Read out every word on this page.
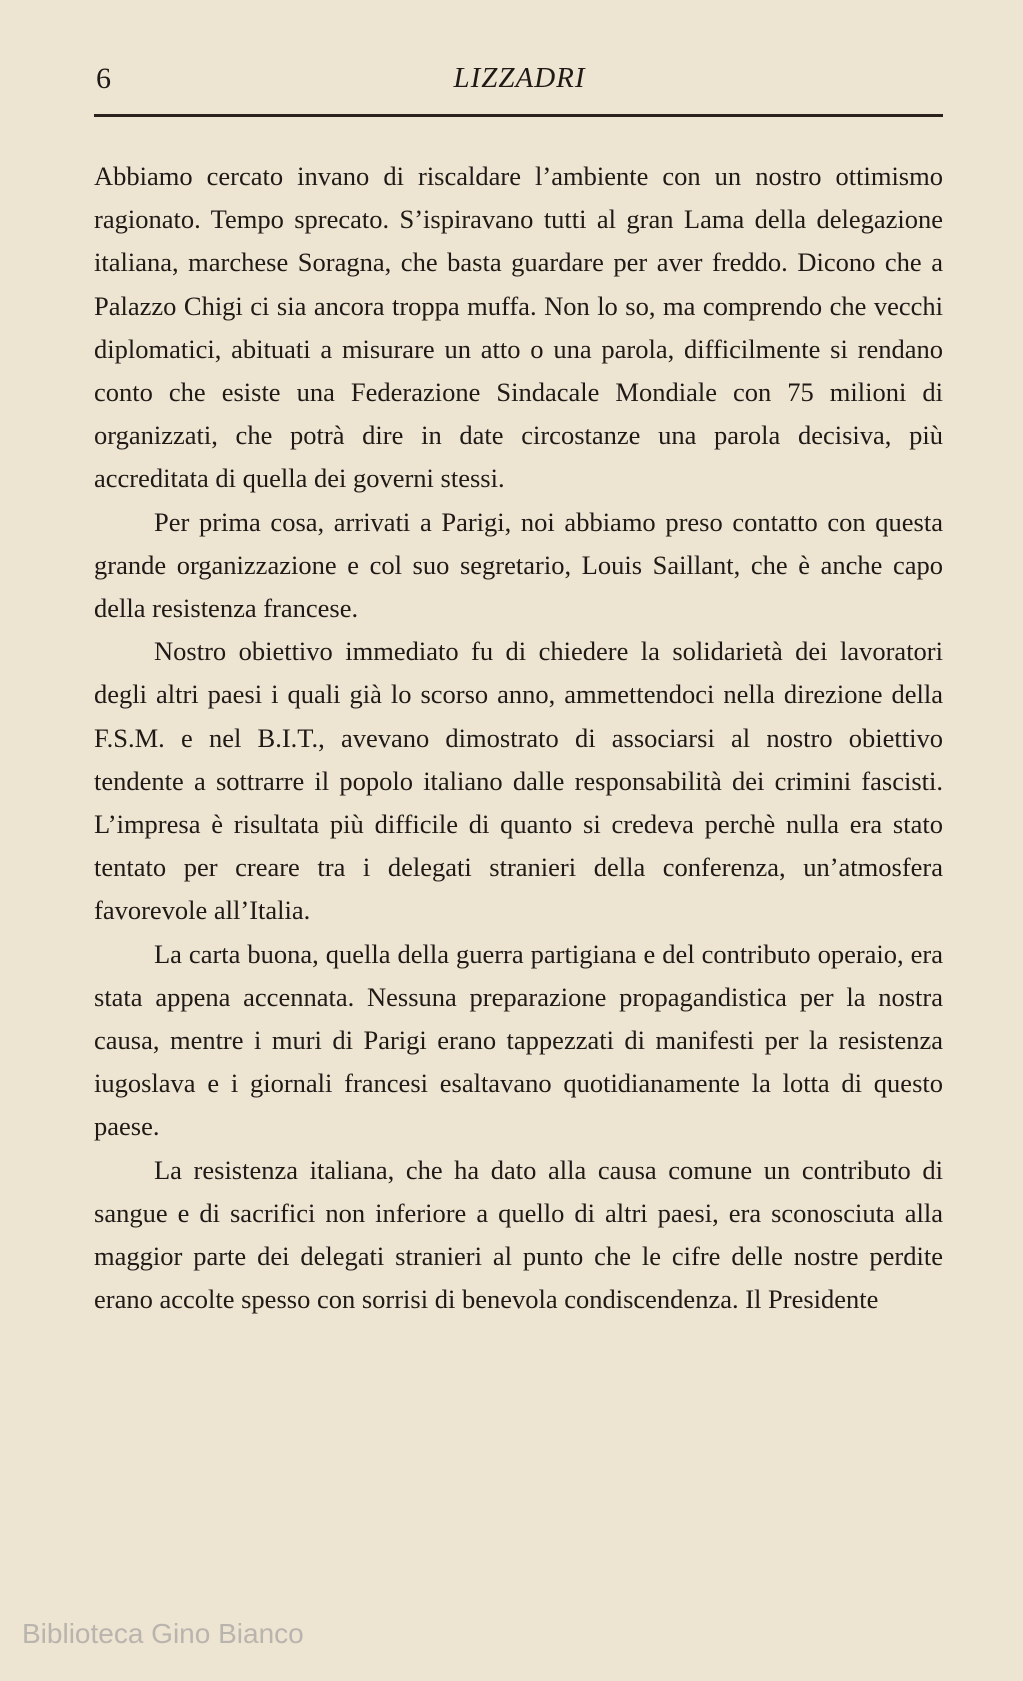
6	LIZZADRI

Abbiamo cercato invano di riscaldare l’ambiente con un nostro ottimismo ragionato. Tempo sprecato. S’ispiravano tutti al gran Lama della delegazione italiana, marchese Soragna, che basta guardare per aver freddo. Dicono che a Palazzo Chigi ci sia ancora troppa muffa. Non lo so, ma comprendo che vecchi diplomatici, abituati a misurare un atto o una parola, difficilmente si rendano conto che esiste una Federazione Sindacale Mondiale con 75 milioni di organizzati, che potrà dire in date circostanze una parola decisiva, più accreditata di quella dei governi stessi.

Per prima cosa, arrivati a Parigi, noi abbiamo preso contatto con questa grande organizzazione e col suo segretario, Louis Saillant, che è anche capo della resistenza francese.

Nostro obiettivo immediato fu di chiedere la solidarietà dei lavoratori degli altri paesi i quali già lo scorso anno, ammettendoci nella direzione della F.S.M. e nel B.I.T., avevano dimostrato di associarsi al nostro obiettivo tendente a sottrarre il popolo italiano dalle responsabilità dei crimini fascisti. L’impresa è risultata più difficile di quanto si credeva perchè nulla era stato tentato per creare tra i delegati stranieri della conferenza, un’atmosfera favorevole all’Italia.

La carta buona, quella della guerra partigiana e del contributo operaio, era stata appena accennata. Nessuna preparazione propagandistica per la nostra causa, mentre i muri di Parigi erano tappezzati di manifesti per la resistenza iugoslava e i giornali francesi esaltavano quotidianamente la lotta di questo paese.

La resistenza italiana, che ha dato alla causa comune un contributo di sangue e di sacrifici non inferiore a quello di altri paesi, era sconosciuta alla maggior parte dei delegati stranieri al punto che le cifre delle nostre perdite erano accolte spesso con sorrisi di benevola condiscendenza. Il Presidente

Biblioteca Gino Bianco
